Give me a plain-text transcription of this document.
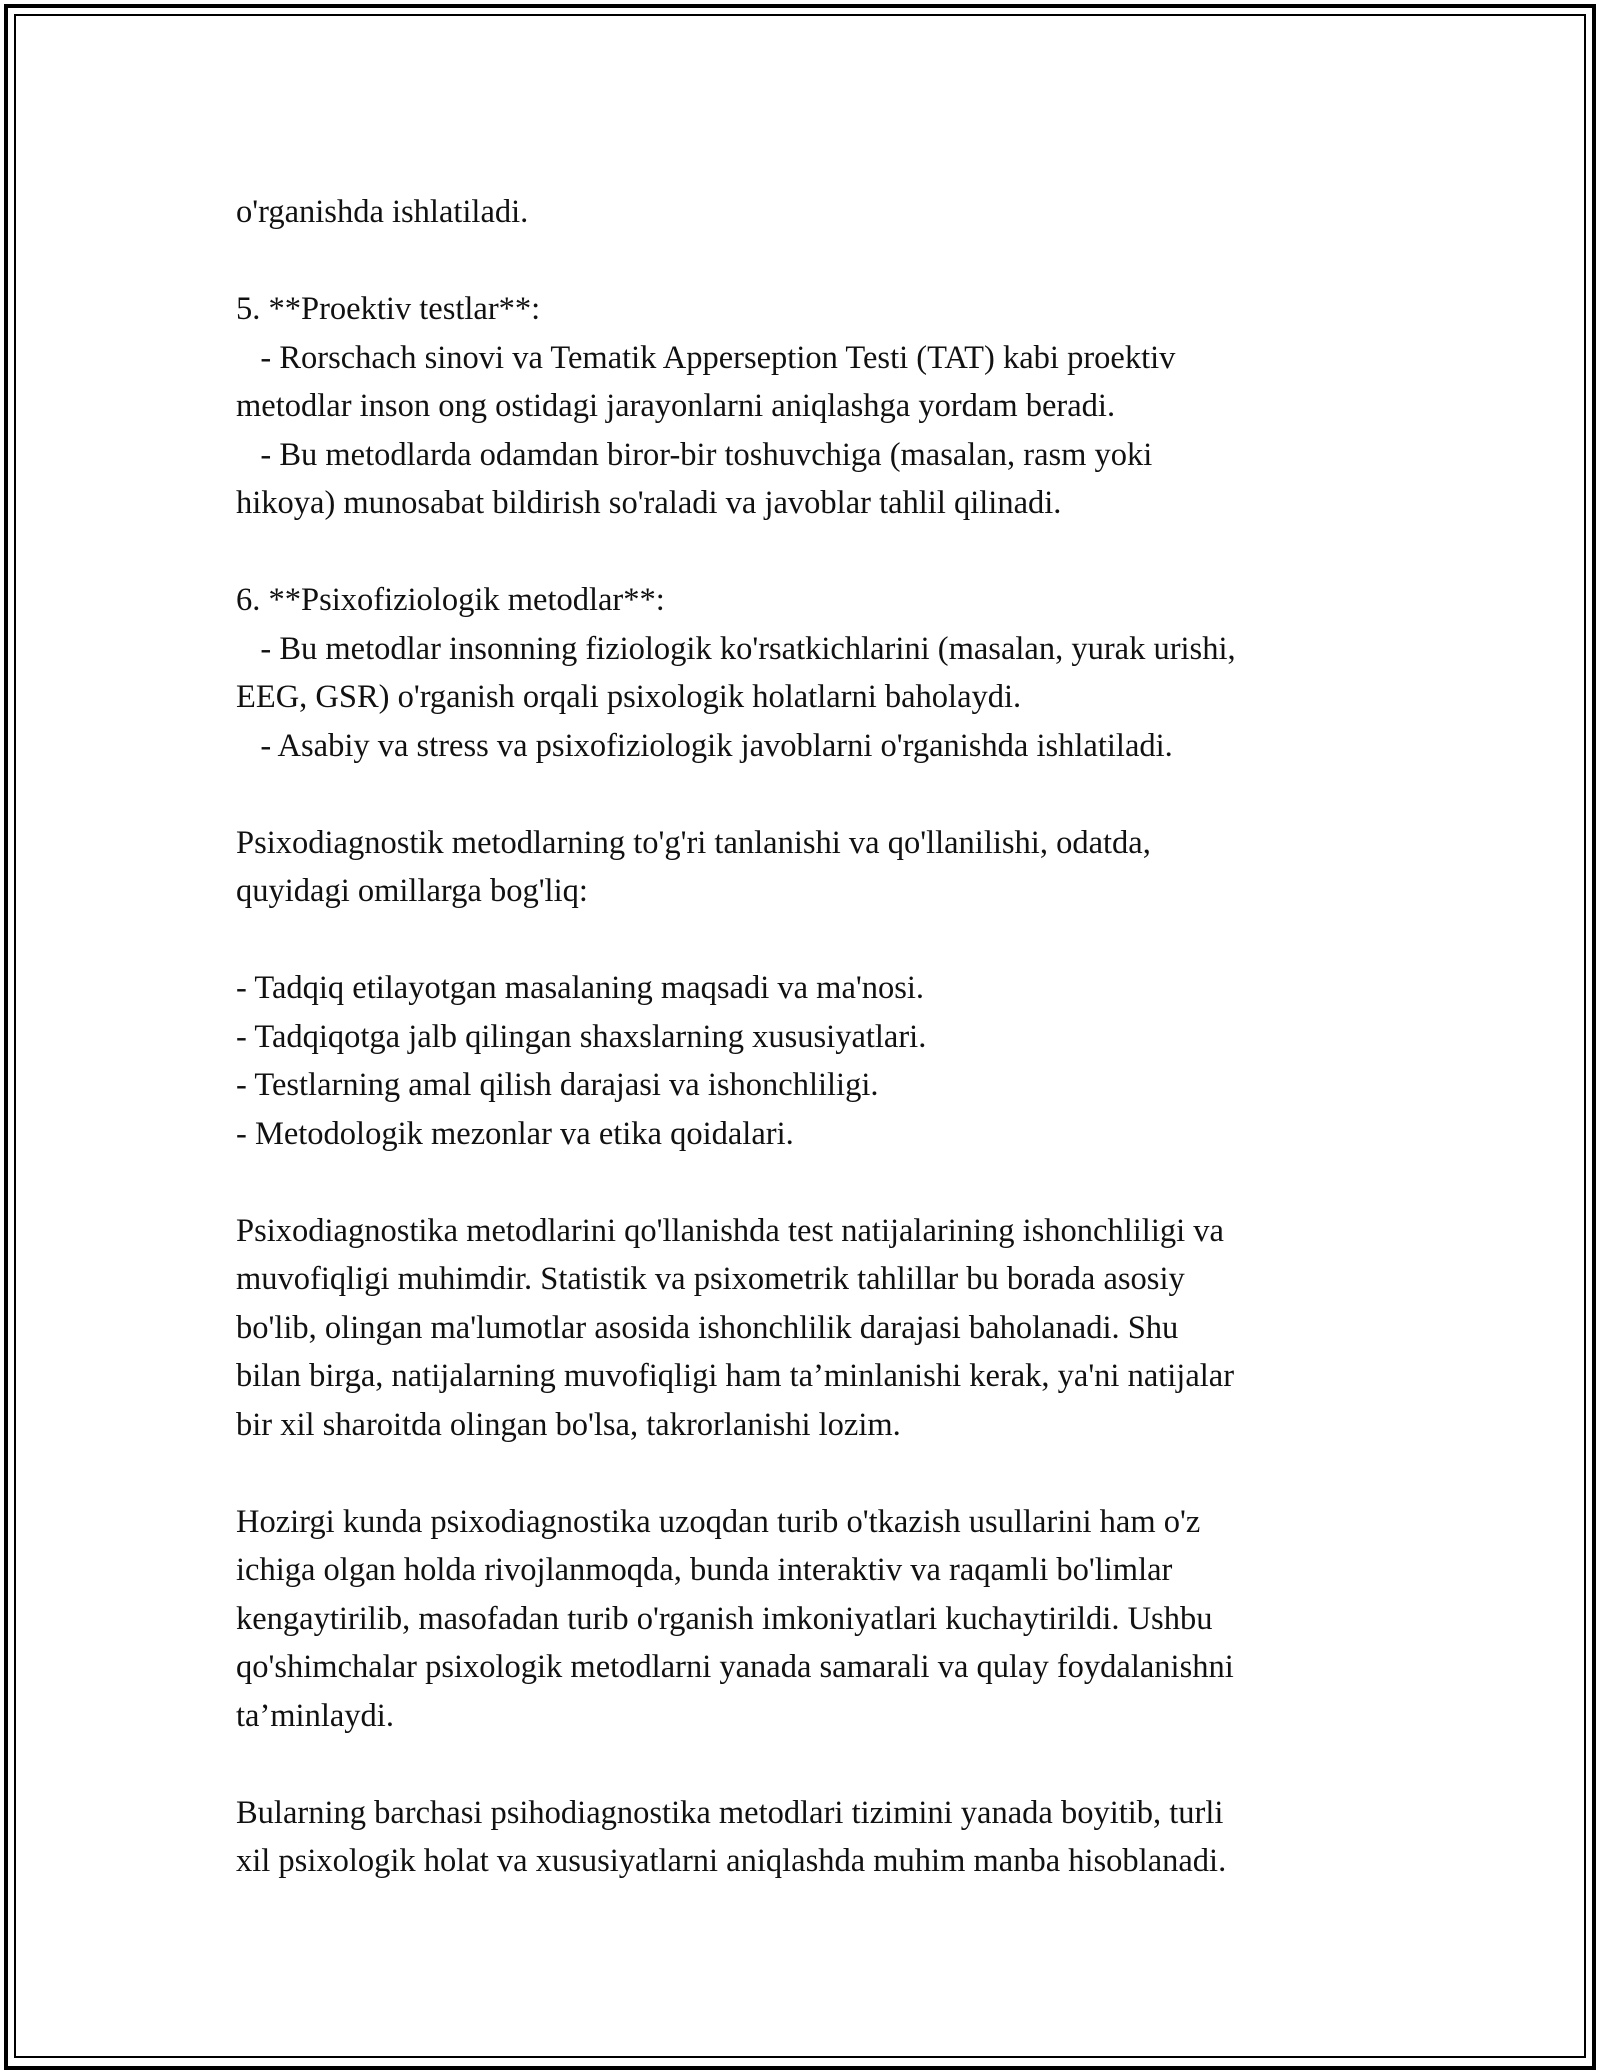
o'rganishda ishlatiladi.
5. **Proektiv testlar**:
- Rorschach sinovi va Tematik Apperseption Testi (TAT) kabi proektiv
metodlar inson ong ostidagi jarayonlarni aniqlashga yordam beradi.
- Bu metodlarda odamdan biror-bir toshuvchiga (masalan, rasm yoki
hikoya) munosabat bildirish so'raladi va javoblar tahlil qilinadi.
6. **Psixofiziologik metodlar**:
- Bu metodlar insonning fiziologik ko'rsatkichlarini (masalan, yurak urishi,
EEG, GSR) o'rganish orqali psixologik holatlarni baholaydi.
- Asabiy va stress va psixofiziologik javoblarni o'rganishda ishlatiladi.
Psixodiagnostik metodlarning to'g'ri tanlanishi va qo'llanilishi, odatda,
quyidagi omillarga bog'liq:
- Tadqiq etilayotgan masalaning maqsadi va ma'nosi.
- Tadqiqotga jalb qilingan shaxslarning xususiyatlari.
- Testlarning amal qilish darajasi va ishonchliligi.
- Metodologik mezonlar va etika qoidalari.
Psixodiagnostika metodlarini qo'llanishda test natijalarining ishonchliligi va
muvofiqligi muhimdir. Statistik va psixometrik tahlillar bu borada asosiy
bo'lib, olingan ma'lumotlar asosida ishonchlilik darajasi baholanadi. Shu
bilan birga, natijalarning muvofiqligi ham ta’minlanishi kerak, ya'ni natijalar
bir xil sharoitda olingan bo'lsa, takrorlanishi lozim.
Hozirgi kunda psixodiagnostika uzoqdan turib o'tkazish usullarini ham o'z
ichiga olgan holda rivojlanmoqda, bunda interaktiv va raqamli bo'limlar
kengaytirilib, masofadan turib o'rganish imkoniyatlari kuchaytirildi. Ushbu
qo'shimchalar psixologik metodlarni yanada samarali va qulay foydalanishni
ta’minlaydi.
Bularning barchasi psihodiagnostika metodlari tizimini yanada boyitib, turli
xil psixologik holat va xususiyatlarni aniqlashda muhim manba hisoblanadi.
